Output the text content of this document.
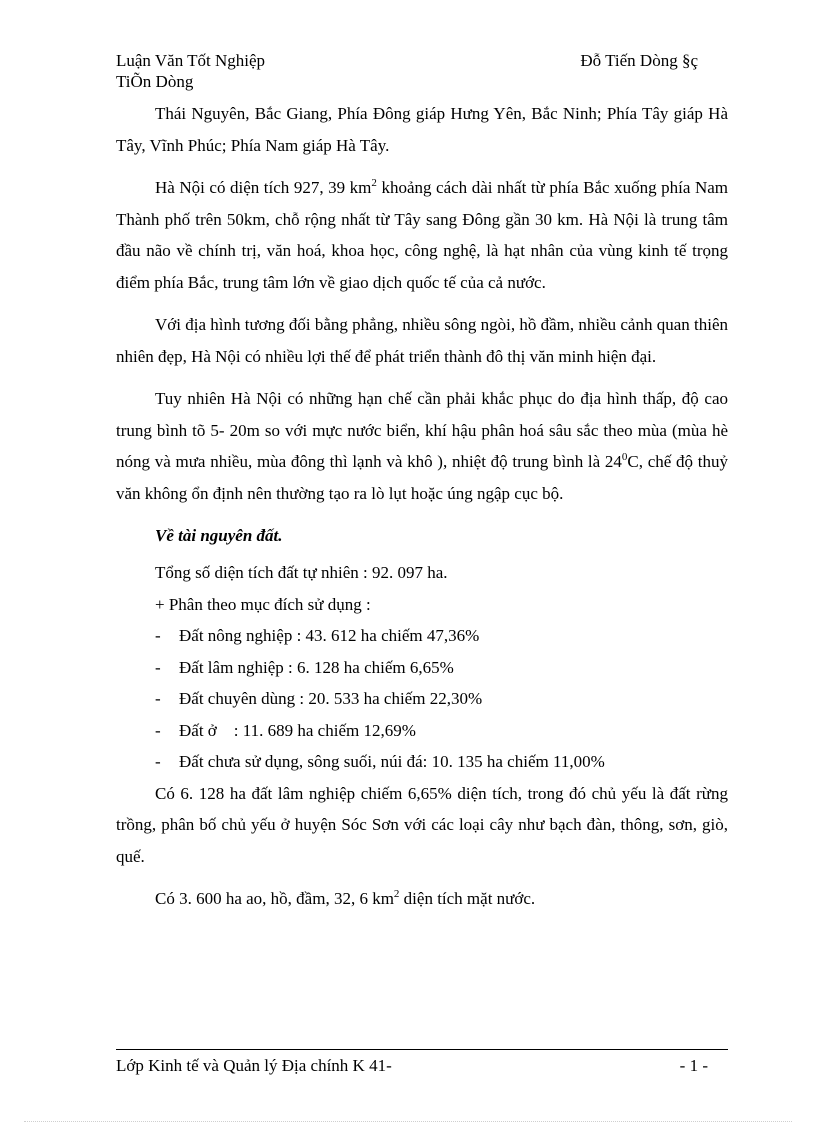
Luận Văn Tốt Nghiệp	Đỗ Tiến Dòng §ç
TiÕn Dòng

Thái Nguyên, Bắc Giang, Phía Đông giáp Hưng Yên, Bắc Ninh; Phía Tây giáp Hà Tây, Vĩnh Phúc; Phía Nam giáp Hà Tây.

Hà Nội có diện tích 927, 39 $km^2$ khoảng cách dài nhất từ phía Bắc xuống phía Nam Thành phố trên 50km, chỗ rộng nhất từ Tây sang Đông gần 30 km. Hà Nội là trung tâm đầu não về chính trị, văn hoá, khoa học, công nghệ, là hạt nhân của vùng kinh tế trọng điểm phía Bắc, trung tâm lớn về giao dịch quốc tế của cả nước.

Với địa hình tương đối bằng phẳng, nhiều sông ngòi, hồ đầm, nhiều cảnh quan thiên nhiên đẹp, Hà Nội có nhiều lợi thế để phát triển thành đô thị văn minh hiện đại.

Tuy nhiên Hà Nội có những hạn chế cần phải khắc phục do địa hình thấp, độ cao trung bình tõ 5- 20m so với mực nước biển, khí hậu phân hoá sâu sắc theo mùa (mùa hè nóng và mưa nhiều, mùa đông thì lạnh và khô ), nhiệt độ trung bình là $24^0C$, chế độ thuỷ văn không ổn định nên thường tạo ra lò lụt hoặc úng ngập cục bộ.

Về tài nguyên đất.
Tổng số diện tích đất tự nhiên : 92. 097 ha.
+ Phân theo mục đích sử dụng :
- Đất nông nghiệp : 43. 612 ha chiếm 47,36%
- Đất lâm nghiệp : 6. 128 ha chiếm 6,65%
- Đất chuyên dùng : 20. 533 ha chiếm 22,30%
- Đất ở    : 11. 689 ha chiếm 12,69%
- Đất chưa sử dụng, sông suối, núi đá: 10. 135 ha chiếm 11,00%

Có 6. 128 ha đất lâm nghiệp chiếm 6,65% diện tích, trong đó chủ yếu là đất rừng trồng, phân bố chủ yếu ở huyện Sóc Sơn với các loại cây như bạch đàn, thông, sơn, giò, quế.

Có 3. 600 ha ao, hồ, đầm, 32, 6 $km^2$ diện tích mặt nước.

Lớp Kinh tế và Quản lý Địa chính K 41-	- 1 -
